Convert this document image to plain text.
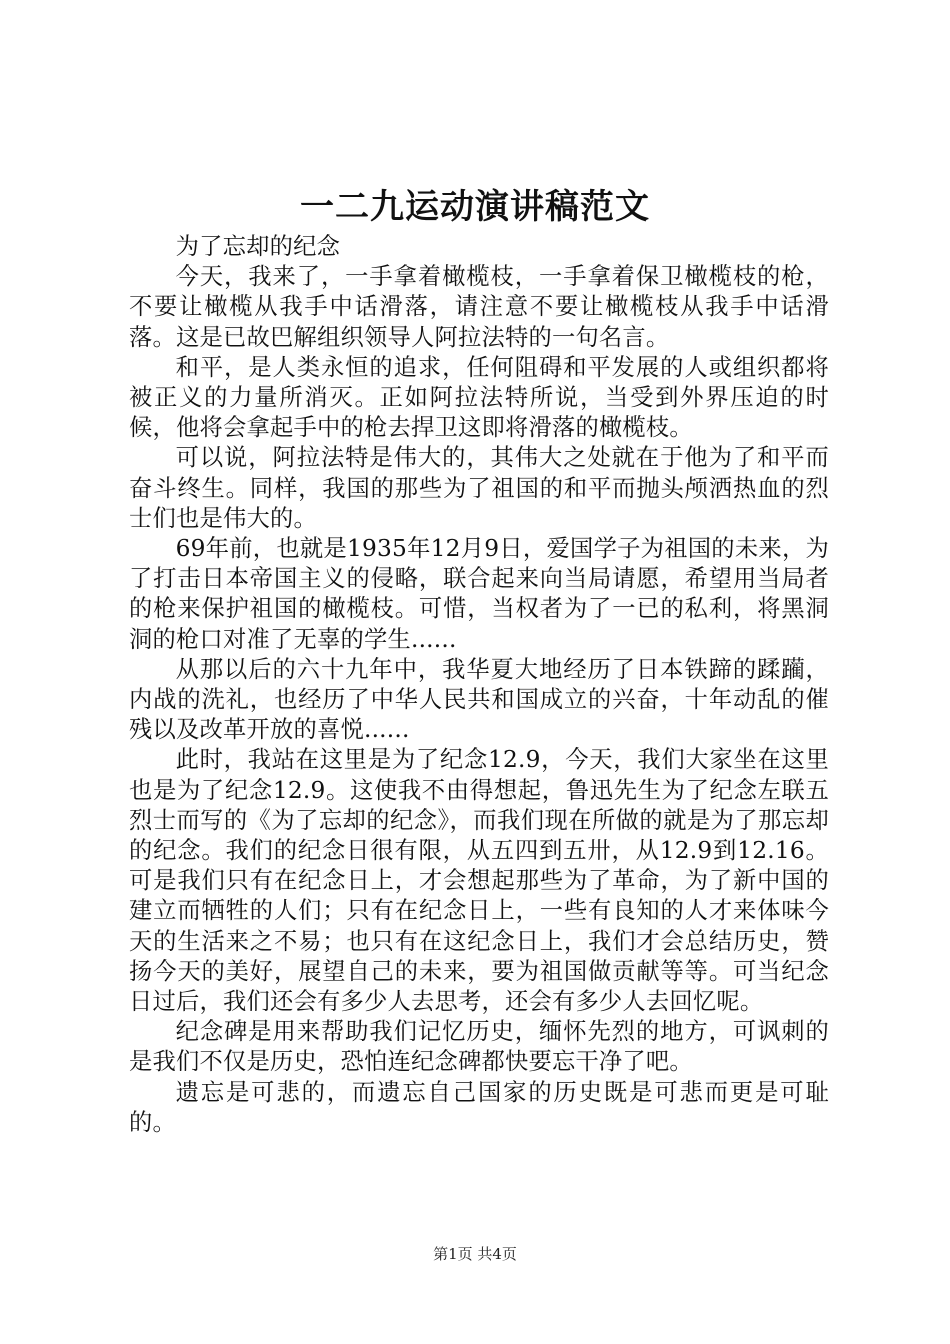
一二九运动演讲稿范文

为了忘却的纪念

今天，我来了，一手拿着橄榄枝，一手拿着保卫橄榄枝的枪，不要让橄榄从我手中话滑落，请注意不要让橄榄枝从我手中话滑落。这是已故巴解组织领导人阿拉法特的一句名言。

和平，是人类永恒的追求，任何阻碍和平发展的人或组织都将被正义的力量所消灭。正如阿拉法特所说，当受到外界压迫的时候，他将会拿起手中的枪去捍卫这即将滑落的橄榄枝。

可以说，阿拉法特是伟大的，其伟大之处就在于他为了和平而奋斗终生。同样，我国的那些为了祖国的和平而抛头颅洒热血的烈士们也是伟大的。

69年前，也就是1935年12月9日，爱国学子为祖国的未来，为了打击日本帝国主义的侵略，联合起来向当局请愿，希望用当局者的枪来保护祖国的橄榄枝。可惜，当权者为了一已的私利，将黑洞洞的枪口对准了无辜的学生......

从那以后的六十九年中，我华夏大地经历了日本铁蹄的蹂躏，内战的洗礼，也经历了中华人民共和国成立的兴奋，十年动乱的催残以及改革开放的喜悦......

此时，我站在这里是为了纪念12.9，今天，我们大家坐在这里也是为了纪念12.9。这使我不由得想起，鲁迅先生为了纪念左联五烈士而写的《为了忘却的纪念》，而我们现在所做的就是为了那忘却的纪念。我们的纪念日很有限，从五四到五卅，从12.9到12.16。可是我们只有在纪念日上，才会想起那些为了革命，为了新中国的建立而牺牲的人们；只有在纪念日上，一些有良知的人才来体味今天的生活来之不易；也只有在这纪念日上，我们才会总结历史，赞扬今天的美好，展望自己的未来，要为祖国做贡献等等。可当纪念日过后，我们还会有多少人去思考，还会有多少人去回忆呢。

纪念碑是用来帮助我们记忆历史，缅怀先烈的地方，可讽刺的是我们不仅是历史，恐怕连纪念碑都快要忘干净了吧。

遗忘是可悲的，而遗忘自己国家的历史既是可悲而更是可耻的。

第1页 共4页
